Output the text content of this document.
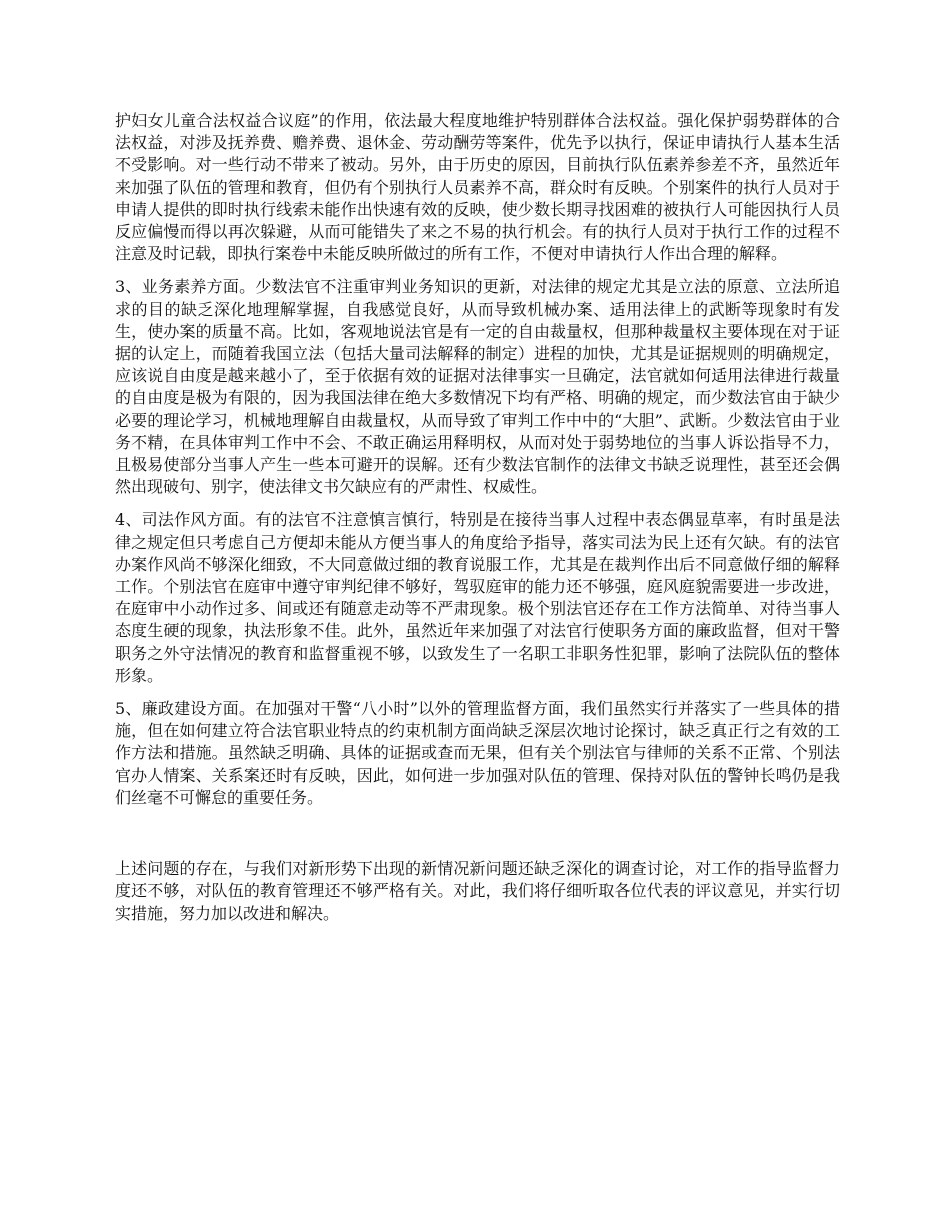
护妇女儿童合法权益合议庭”的作用，依法最大程度地维护特别群体合法权益。强化保护弱势群体的合法权益，对涉及抚养费、赡养费、退休金、劳动酬劳等案件，优先予以执行，保证申请执行人基本生活不受影响。对一些行动不带来了被动。另外，由于历史的原因，目前执行队伍素养参差不齐，虽然近年来加强了队伍的管理和教育，但仍有个别执行人员素养不高，群众时有反映。个别案件的执行人员对于申请人提供的即时执行线索未能作出快速有效的反映，使少数长期寻找困难的被执行人可能因执行人员反应偏慢而得以再次躲避，从而可能错失了来之不易的执行机会。有的执行人员对于执行工作的过程不注意及时记载，即执行案卷中未能反映所做过的所有工作，不便对申请执行人作出合理的解释。

3、业务素养方面。少数法官不注重审判业务知识的更新，对法律的规定尤其是立法的原意、立法所追求的目的缺乏深化地理解掌握，自我感觉良好，从而导致机械办案、适用法律上的武断等现象时有发生，使办案的质量不高。比如，客观地说法官是有一定的自由裁量权，但那种裁量权主要体现在对于证据的认定上，而随着我国立法（包括大量司法解释的制定）进程的加快，尤其是证据规则的明确规定，应该说自由度是越来越小了，至于依据有效的证据对法律事实一旦确定，法官就如何适用法律进行裁量的自由度是极为有限的，因为我国法律在绝大多数情况下均有严格、明确的规定，而少数法官由于缺少必要的理论学习，机械地理解自由裁量权，从而导致了审判工作中中的“大胆”、武断。少数法官由于业务不精，在具体审判工作中不会、不敢正确运用释明权，从而对处于弱势地位的当事人诉讼指导不力，且极易使部分当事人产生一些本可避开的误解。还有少数法官制作的法律文书缺乏说理性，甚至还会偶然出现破句、别字，使法律文书欠缺应有的严肃性、权威性。

4、司法作风方面。有的法官不注意慎言慎行，特别是在接待当事人过程中表态偶显草率，有时虽是法律之规定但只考虑自己方便却未能从方便当事人的角度给予指导，落实司法为民上还有欠缺。有的法官办案作风尚不够深化细致，不大同意做过细的教育说服工作，尤其是在裁判作出后不同意做仔细的解释工作。个别法官在庭审中遵守审判纪律不够好，驾驭庭审的能力还不够强，庭风庭貌需要进一步改进，在庭审中小动作过多、间或还有随意走动等不严肃现象。极个别法官还存在工作方法简单、对待当事人态度生硬的现象，执法形象不佳。此外，虽然近年来加强了对法官行使职务方面的廉政监督，但对干警职务之外守法情况的教育和监督重视不够，以致发生了一名职工非职务性犯罪，影响了法院队伍的整体形象。

5、廉政建设方面。在加强对干警“八小时”以外的管理监督方面，我们虽然实行并落实了一些具体的措施，但在如何建立符合法官职业特点的约束机制方面尚缺乏深层次地讨论探讨，缺乏真正行之有效的工作方法和措施。虽然缺乏明确、具体的证据或查而无果，但有关个别法官与律师的关系不正常、个别法官办人情案、关系案还时有反映，因此，如何进一步加强对队伍的管理、保持对队伍的警钟长鸣仍是我们丝毫不可懈怠的重要任务。

上述问题的存在，与我们对新形势下出现的新情况新问题还缺乏深化的调查讨论，对工作的指导监督力度还不够，对队伍的教育管理还不够严格有关。对此，我们将仔细听取各位代表的评议意见，并实行切实措施，努力加以改进和解决。
